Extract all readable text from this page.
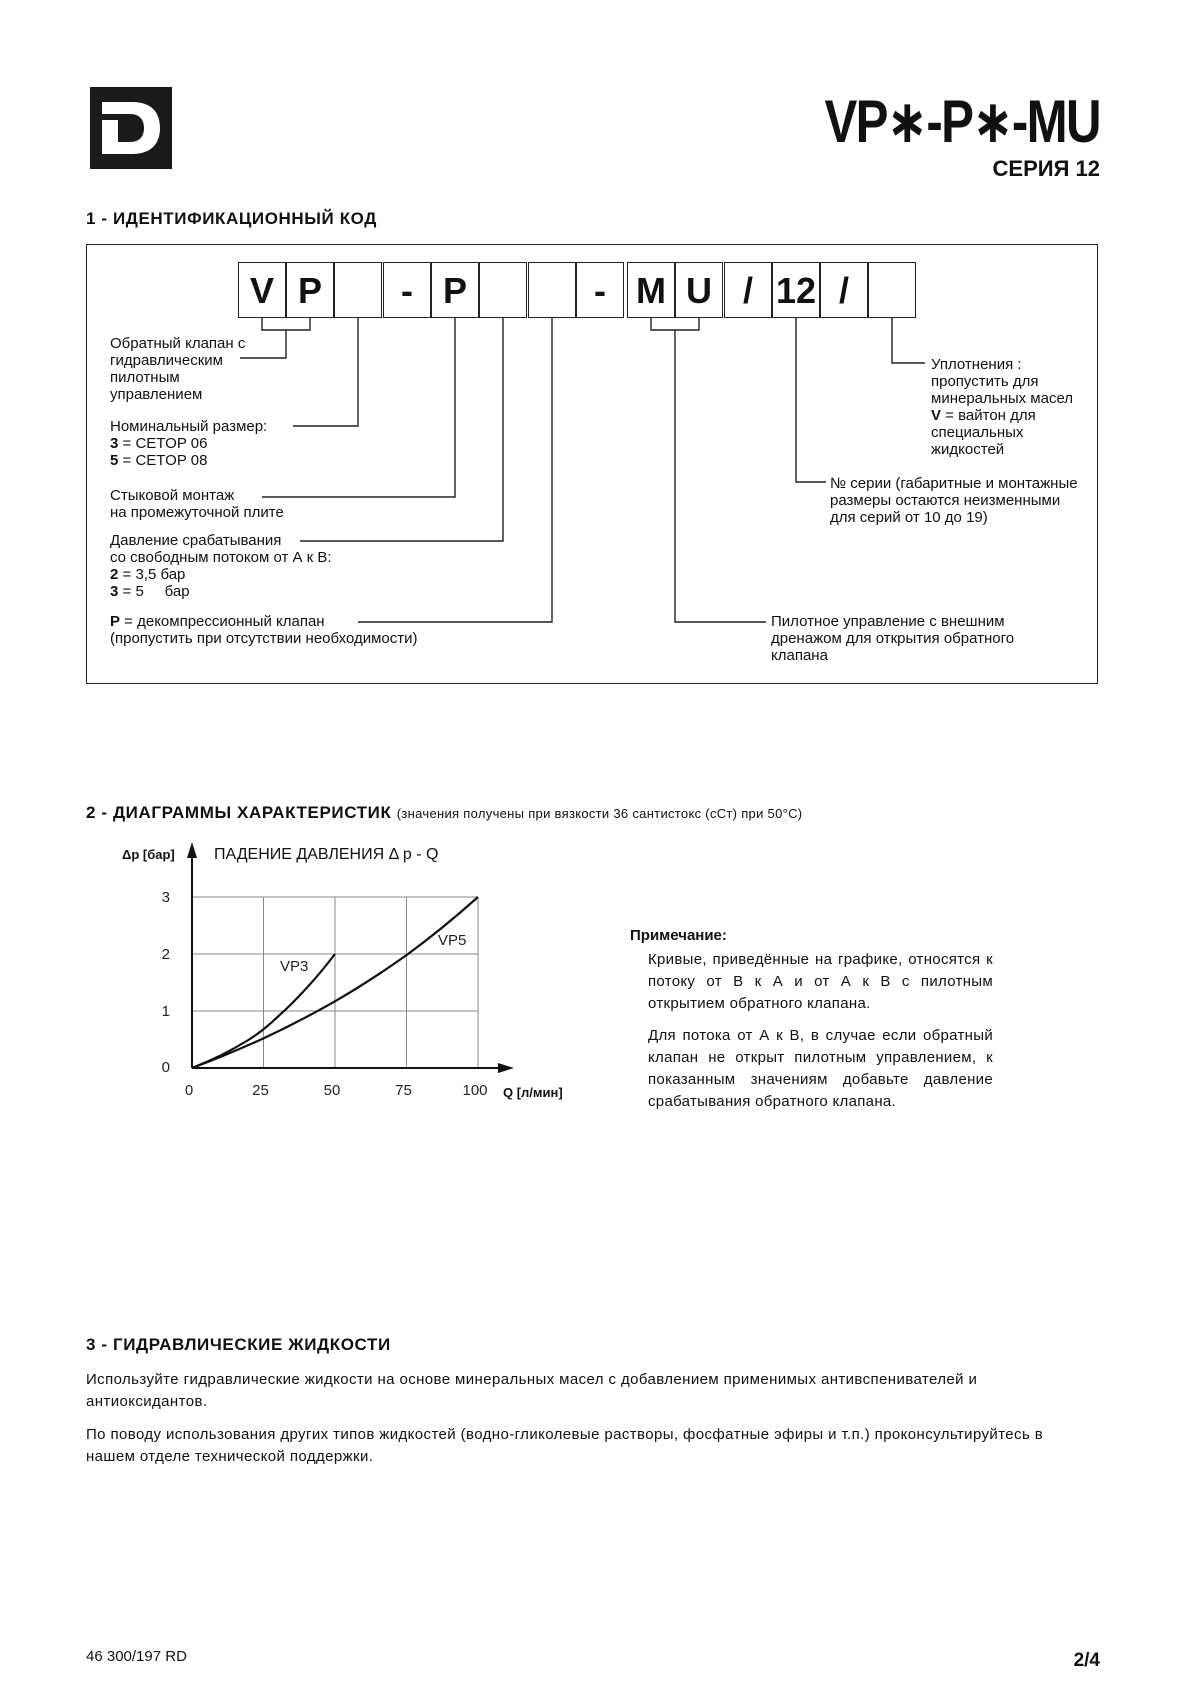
VP∗-P∗-MU
СЕРИЯ 12
1 - ИДЕНТИФИКАЦИОННЫЙ КОД
V P	- P	- M U / 12 /
Обратный клапан с
гидравлическим
пилотным
управлением
Номинальный размер:
3 = CETOP 06
5 = CETOP 08
Стыковой монтаж
на промежуточной плите
Давление срабатывания
со свободным потоком от А к В:
2 = 3,5 бар
3 = 5     бар
P = декомпрессионный клапан
(пропустить при отсутствии необходимости)
Уплотнения :
пропустить для
минеральных масел
V = вайтон для
специальных
жидкостей
№ серии (габаритные и монтажные
размеры остаются неизменными
для серий от 10 до 19)
Пилотное управление с внешним
дренажом для открытия обратного
клапана
2 - ДИАГРАММЫ ХАРАКТЕРИСТИК (значения получены при вязкости 36 сантистокс (сСт) при 50°С)
0	25	50	75	100
0
1
2
3
Δp [бар]
Q [л/мин]
ПАДЕНИЕ ДАВЛЕНИЯ Δ p - Q
VP3
VP5	Примечание:
Кривые, приведённые на графике, относятся к потоку от В к А и от А к В с пилотным открытием обратного клапана.
Для потока от А к В, в случае если обратный клапан не открыт пилотным управлением, к показанным значениям добавьте давление срабатывания обратного клапана.
3 - ГИДРАВЛИЧЕСКИЕ ЖИДКОСТИ
Используйте гидравлические жидкости на основе минеральных масел с добавлением применимых антивспенивателей и антиоксидантов.
По поводу использования других типов жидкостей (водно-гликолевые растворы, фосфатные эфиры и т.п.) проконсультируйтесь в нашем отделе технической поддержки.
46 300/197 RD	2/4
